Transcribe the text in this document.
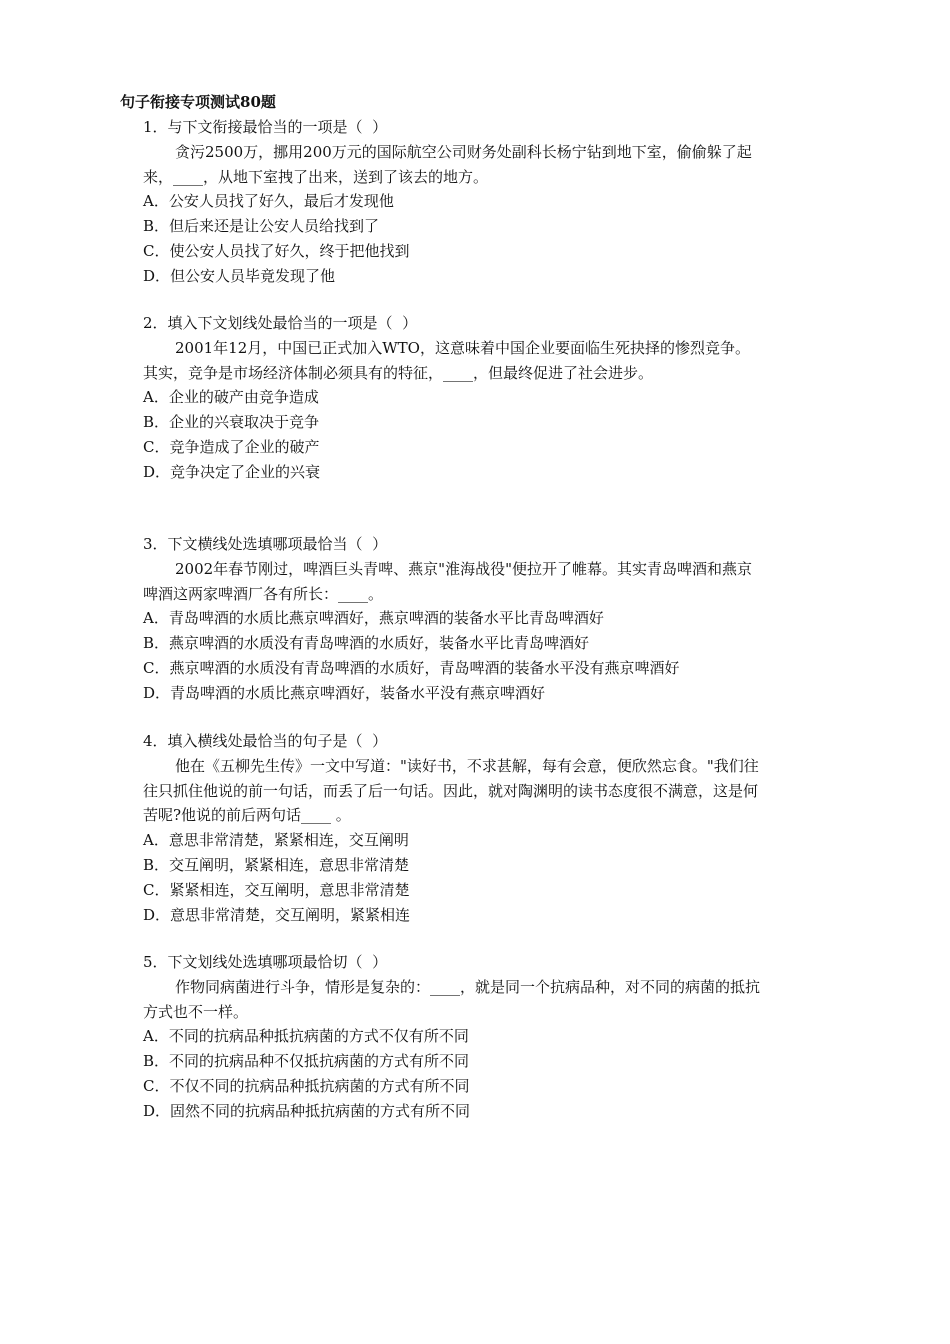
句子衔接专项测试80题

1．与下文衔接最恰当的一项是（  ）

贪污2500万，挪用200万元的国际航空公司财务处副科长杨宁钻到地下室，偷偷躲了起来，____，从地下室拽了出来，送到了该去的地方。

A．公安人员找了好久，最后才发现他

B．但后来还是让公安人员给找到了

C．使公安人员找了好久，终于把他找到

D．但公安人员毕竟发现了他

2．填入下文划线处最恰当的一项是（  ）

2001年12月，中国已正式加入WTO，这意味着中国企业要面临生死抉择的惨烈竞争。其实，竞争是市场经济体制必须具有的特征，____，但最终促进了社会进步。

A．企业的破产由竞争造成

B．企业的兴衰取决于竞争

C．竞争造成了企业的破产

D．竞争决定了企业的兴衰

3．下文横线处选填哪项最恰当（  ）

2002年春节刚过，啤酒巨头青啤、燕京"淮海战役"便拉开了帷幕。其实青岛啤酒和燕京啤酒这两家啤酒厂各有所长：____。

A．青岛啤酒的水质比燕京啤酒好，燕京啤酒的装备水平比青岛啤酒好

B．燕京啤酒的水质没有青岛啤酒的水质好，装备水平比青岛啤酒好

C．燕京啤酒的水质没有青岛啤酒的水质好，青岛啤酒的装备水平没有燕京啤酒好

D．青岛啤酒的水质比燕京啤酒好，装备水平没有燕京啤酒好

4．填入横线处最恰当的句子是（  ）

他在《五柳先生传》一文中写道："读好书，不求甚解，每有会意，便欣然忘食。"我们往往只抓住他说的前一句话，而丢了后一句话。因此，就对陶渊明的读书态度很不满意，这是何苦呢?他说的前后两句话____ 。

A．意思非常清楚，紧紧相连，交互阐明

B．交互阐明，紧紧相连，意思非常清楚

C．紧紧相连，交互阐明，意思非常清楚

D．意思非常清楚，交互阐明，紧紧相连

5．下文划线处选填哪项最恰切（  ）

作物同病菌进行斗争，情形是复杂的：____，就是同一个抗病品种，对不同的病菌的抵抗方式也不一样。

A．不同的抗病品种抵抗病菌的方式不仅有所不同

B．不同的抗病品种不仅抵抗病菌的方式有所不同

C．不仅不同的抗病品种抵抗病菌的方式有所不同

D．固然不同的抗病品种抵抗病菌的方式有所不同
